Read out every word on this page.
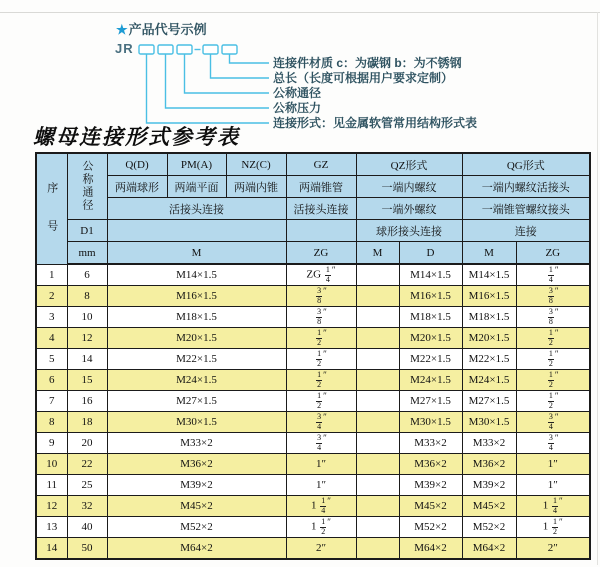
★产品代号示例
JR
连接件材质 c：为碳钢 b：为不锈钢
总长（长度可根据用户要求定制）
公称通径
公称压力
连接形式：见金属软管常用结构形式表
螺母连接形式参考表
序号	公称通径	Q(D)	PM(A)	NZ(C)	GZ	QZ形式		QG形式	
		两端球形	两端平面	两端内锥	两端锥管	一端内螺纹		一端内螺纹活接头	
		活接头连接			活接头连接	一端外螺纹		一端锥管螺纹接头	
	D1					球形接头连接		连接	
	mm	M			ZG	M	D	M	ZG
1	6	M14×1.5			ZG $\frac{1}{4} ''$		M14×1.5	M14×1.5	$\frac{1}{4} ''$
2	8	M16×1.5			$\frac{3}{8} ''$		M16×1.5	M16×1.5	$\frac{3}{8} ''$
3	10	M18×1.5			$\frac{3}{8} ''$		M18×1.5	M18×1.5	$\frac{3}{8} ''$
4	12	M20×1.5			$\frac{1}{2} ''$		M20×1.5	M20×1.5	$\frac{1}{2} ''$
5	14	M22×1.5			$\frac{1}{2} ''$		M22×1.5	M22×1.5	$\frac{1}{2} ''$
6	15	M24×1.5			$\frac{1}{2} ''$		M24×1.5	M24×1.5	$\frac{1}{2} ''$
7	16	M27×1.5			$\frac{1}{2} ''$		M27×1.5	M27×1.5	$\frac{1}{2} ''$
8	18	M30×1.5			$\frac{3}{4} ''$		M30×1.5	M30×1.5	$\frac{3}{4} ''$
9	20	M33×2			$\frac{3}{4} ''$		M33×2	M33×2	$\frac{3}{4} ''$
10	22	M36×2			1″		M36×2	M36×2	1″
11	25	M39×2			1″		M39×2	M39×2	1″
12	32	M45×2			$1 \frac{1}{4} ''$		M45×2	M45×2	$1 \frac{1}{4} ''$
13	40	M52×2			$1 \frac{1}{2} ''$		M52×2	M52×2	$1 \frac{1}{2} ''$
14	50	M64×2			2″		M64×2	M64×2	2″
